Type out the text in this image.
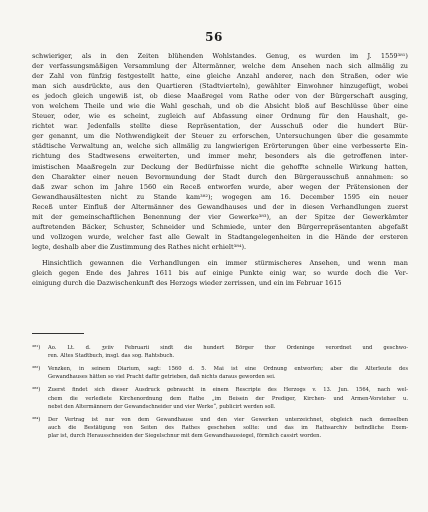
56
schwieriger, als in den Zeiten blühenden Wohlstandes. Genug, es wurden im J. 1559³⁸¹)
der verfassungsmäßigen Versammlung der Ältermänner, welche dem Ansehen nach sich allmälig zu
der Zahl von fünfzig festgestellt hatte, eine gleiche Anzahl anderer, nach den Straßen, oder wie
man sich ausdrückte, aus den Quartieren (Stadtvierteln), gewählter Einwohner hinzugefügt, wobei
es jedoch gleich ungewiß ist, ob diese Maaßregel vom Rathe oder von der Bürgerschaft ausging,
von welchem Theile und wie die Wahl geschah, und ob die Absicht bloß auf Beschlüsse über eine
Steuer, oder, wie es scheint, zugleich auf Abfassung einer Ordnung für den Haushalt, ge-
richtet war. Jedenfalls stellte diese Repräsentation, der Ausschuß oder die hundert Bür-
ger genannt, um die Nothwendigkeit der Steuer zu erforschen, Untersuchungen über die gesammte
städtische Verwaltung an, welche sich allmälig zu langwierigen Erörterungen über eine verbesserte Ein-
richtung des Stadtwesens erweiterten, und immer mehr, besonders als die getroffenen inter-
imistischen Maaßregeln zur Deckung der Bedürfnisse nicht die gehoffte schnelle Wirkung hatten,
den Charakter einer neuen Bevormundung der Stadt durch den Bürgerausschuß annahmen: so
daß zwar schon im Jahre 1560 ein Receß entworfen wurde, aber wegen der Prätensionen der
Gewandhausältesten nicht zu Stande kam³⁸²); wogegen am 16. December 1595 ein neuer
Receß unter Einfluß der Altermänner des Gewandhauses und der in diesen Verhandlungen zuerst
mit der gemeinschaftlichen Benennung der vier Gewerke³⁸³), an der Spitze der Gewerkämter
auftretenden Bäcker, Schuster, Schneider und Schmiede, unter den Bürgerrepräsentanten abgefaßt
und vollzogen wurde, welcher fast alle Gewalt in Stadtangelegenheiten in die Hände der ersteren
legte, deshalb aber die Zustimmung des Rathes nicht erhielt³⁸⁴).
Hinsichtlich gewannen die Verhandlungen ein immer stürmischeres Ansehen, und wenn man
gleich gegen Ende des Jahres 1611 bis auf einige Punkte einig war, so wurde doch die Ver-
einigung durch die Dazwischenkunft des Herzogs wieder zerrissen, und ein im Februar 1615
³⁸¹) Ao. Lt. d. ʒviiv Februarii sindt die hundert Börger thor Ordeninge verordnet und geschwo-
ren. Altes Stadtbuch, insgl. das sog. Rahtsbuch.
³⁸²) Venzken, in seinem Diarium, sagt: 1560 d. 5. Mai ist eine Ordnung entworfen; aber die Alterleute des
Gewandhauses hätten so viel Pracht dafür getrieben, daß nichts daraus geworden sei.
³⁸³) Zuerst findet sich dieser Ausdruck gebraucht in einem Rescripte des Herzogs v. 13. Jun. 1564, nach wel-
chem die verlediete Kirchenordnung dem Rathe „im Beisein der Prediger, Kirchen- und Armen-Vorsteher u.
nebst den Altermännern der Gewandschneider und vier Werke“, publicirt werden soll.
³⁸⁴) Der Vertrag ist nur von dem Gewandhause und den vier Gewerken unterzeichnet, obgleich nach demselben
auch die Bestätigung von Seiten des Rathes geschehen sollte: und das im Rathsarchiv befindliche Exem-
plar ist, durch Herausschneiden der Siegelschnur mit dem Gewandhaussiegel, förmlich cassirt worden.
